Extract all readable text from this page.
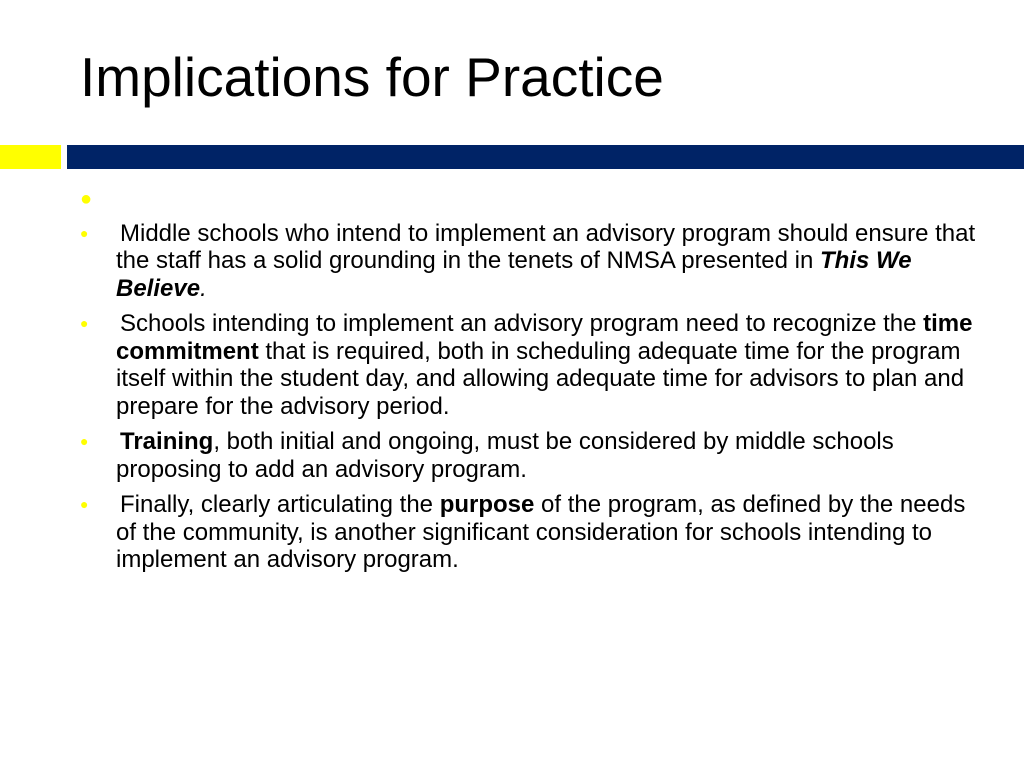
Implications for Practice
●
● Middle schools who intend to implement an advisory program should ensure that the staff has a solid grounding in the tenets of NMSA presented in This We Believe.
● Schools intending to implement an advisory program need to recognize the time commitment that is required, both in scheduling adequate time for the program itself within the student day, and allowing adequate time for advisors to plan and prepare for the advisory period.
● Training, both initial and ongoing, must be considered by middle schools proposing to add an advisory program.
● Finally, clearly articulating the purpose of the program, as defined by the needs of the community, is another significant consideration for schools intending to implement an advisory program.
